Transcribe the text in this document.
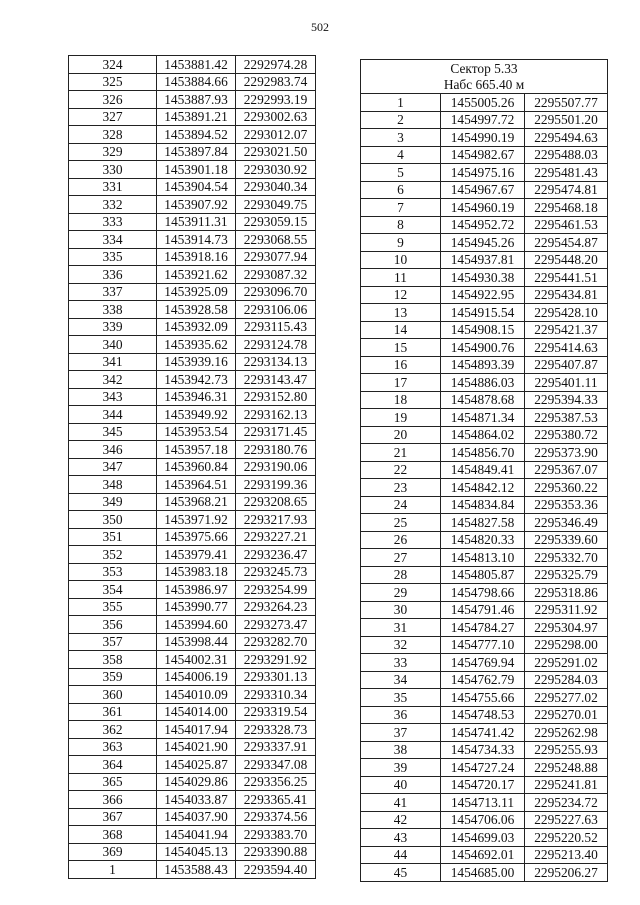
502
324	1453881.42	2292974.28
325	1453884.66	2292983.74
326	1453887.93	2292993.19
327	1453891.21	2293002.63
328	1453894.52	2293012.07
329	1453897.84	2293021.50
330	1453901.18	2293030.92
331	1453904.54	2293040.34
332	1453907.92	2293049.75
333	1453911.31	2293059.15
334	1453914.73	2293068.55
335	1453918.16	2293077.94
336	1453921.62	2293087.32
337	1453925.09	2293096.70
338	1453928.58	2293106.06
339	1453932.09	2293115.43
340	1453935.62	2293124.78
341	1453939.16	2293134.13
342	1453942.73	2293143.47
343	1453946.31	2293152.80
344	1453949.92	2293162.13
345	1453953.54	2293171.45
346	1453957.18	2293180.76
347	1453960.84	2293190.06
348	1453964.51	2293199.36
349	1453968.21	2293208.65
350	1453971.92	2293217.93
351	1453975.66	2293227.21
352	1453979.41	2293236.47
353	1453983.18	2293245.73
354	1453986.97	2293254.99
355	1453990.77	2293264.23
356	1453994.60	2293273.47
357	1453998.44	2293282.70
358	1454002.31	2293291.92
359	1454006.19	2293301.13
360	1454010.09	2293310.34
361	1454014.00	2293319.54
362	1454017.94	2293328.73
363	1454021.90	2293337.91
364	1454025.87	2293347.08
365	1454029.86	2293356.25
366	1454033.87	2293365.41
367	1454037.90	2293374.56
368	1454041.94	2293383.70
369	1454045.13	2293390.88
1	1453588.43	2293594.40
Сектор 5.33
Набс 665.40 м		
1	1455005.26	2295507.77
2	1454997.72	2295501.20
3	1454990.19	2295494.63
4	1454982.67	2295488.03
5	1454975.16	2295481.43
6	1454967.67	2295474.81
7	1454960.19	2295468.18
8	1454952.72	2295461.53
9	1454945.26	2295454.87
10	1454937.81	2295448.20
11	1454930.38	2295441.51
12	1454922.95	2295434.81
13	1454915.54	2295428.10
14	1454908.15	2295421.37
15	1454900.76	2295414.63
16	1454893.39	2295407.87
17	1454886.03	2295401.11
18	1454878.68	2295394.33
19	1454871.34	2295387.53
20	1454864.02	2295380.72
21	1454856.70	2295373.90
22	1454849.41	2295367.07
23	1454842.12	2295360.22
24	1454834.84	2295353.36
25	1454827.58	2295346.49
26	1454820.33	2295339.60
27	1454813.10	2295332.70
28	1454805.87	2295325.79
29	1454798.66	2295318.86
30	1454791.46	2295311.92
31	1454784.27	2295304.97
32	1454777.10	2295298.00
33	1454769.94	2295291.02
34	1454762.79	2295284.03
35	1454755.66	2295277.02
36	1454748.53	2295270.01
37	1454741.42	2295262.98
38	1454734.33	2295255.93
39	1454727.24	2295248.88
40	1454720.17	2295241.81
41	1454713.11	2295234.72
42	1454706.06	2295227.63
43	1454699.03	2295220.52
44	1454692.01	2295213.40
45	1454685.00	2295206.27
